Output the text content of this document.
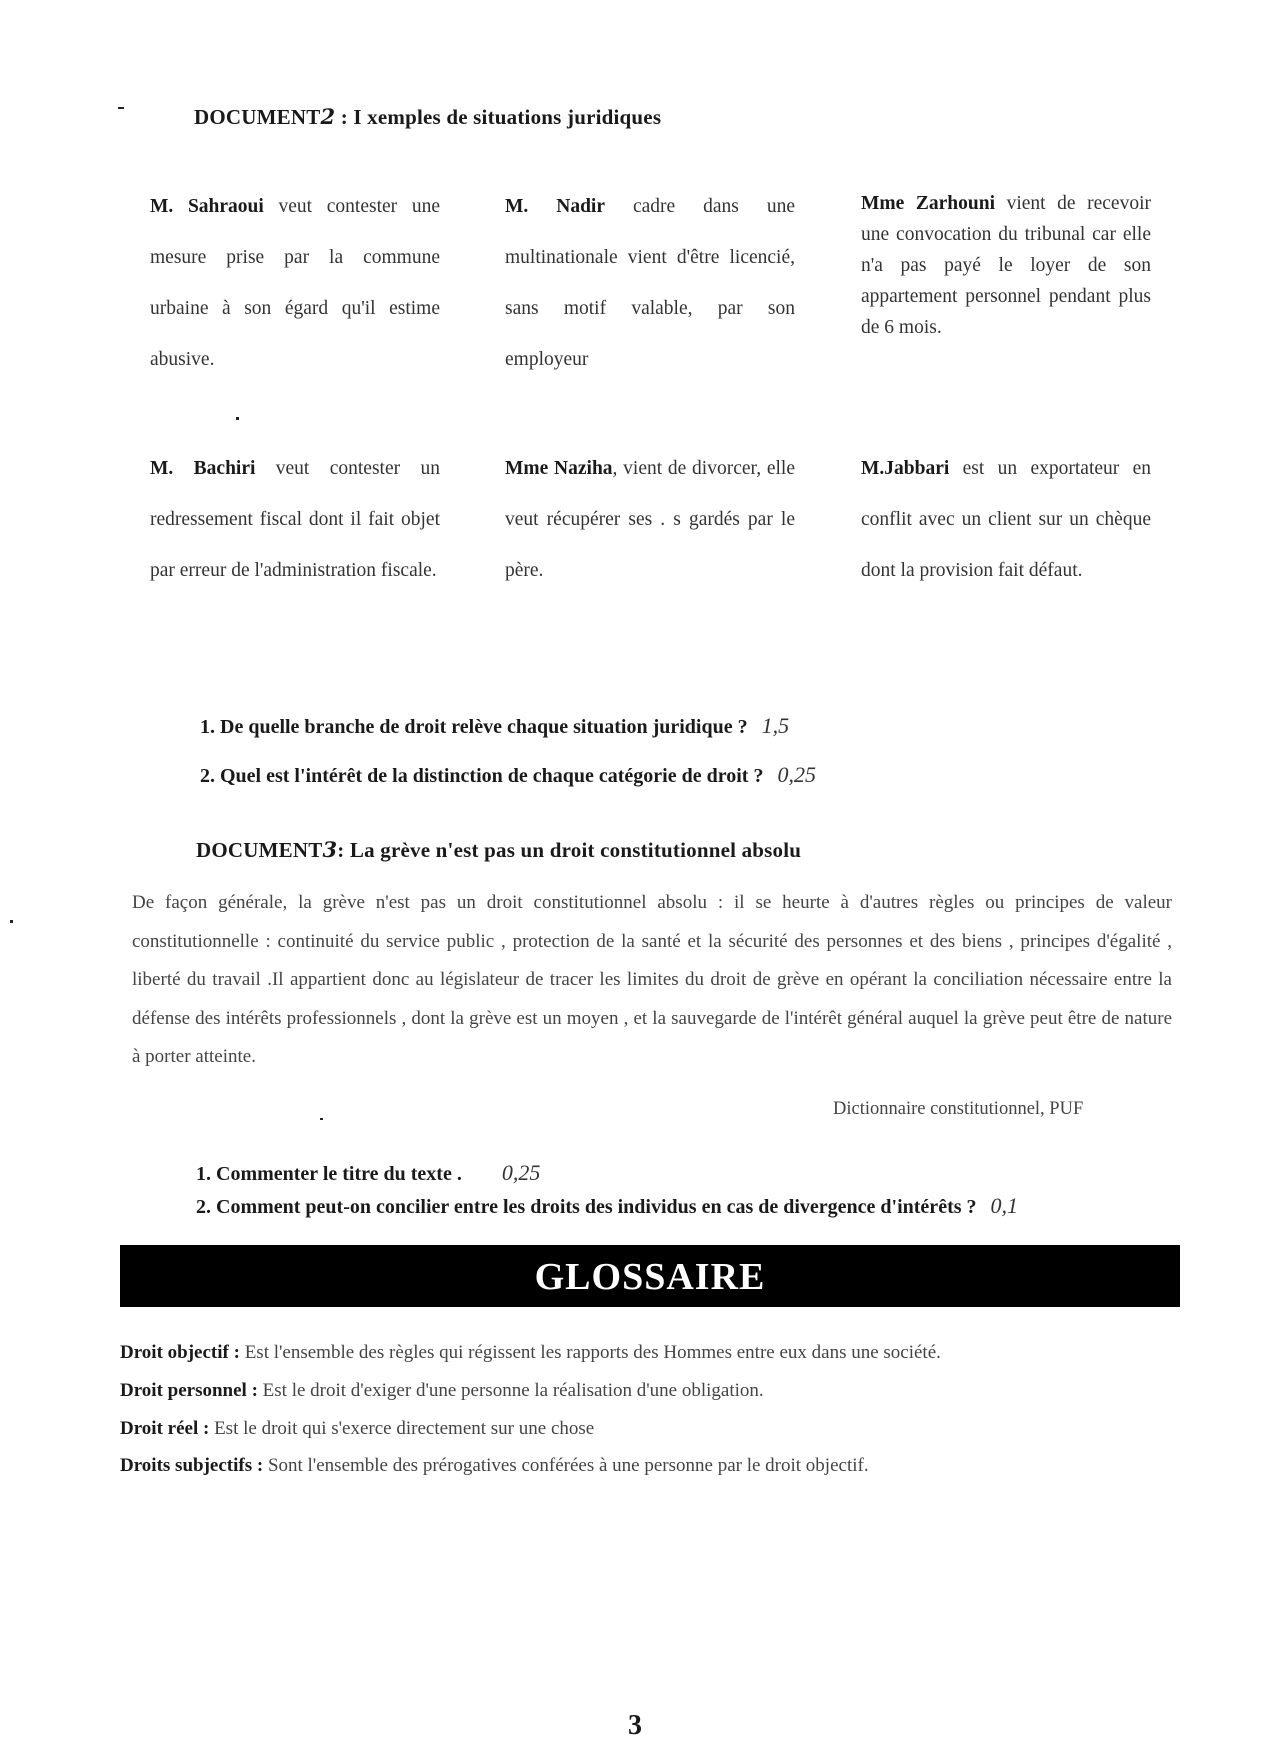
DOCUMENT2 : I xemples de situations juridiques
M. Sahraoui veut contester une mesure prise par la commune urbaine à son égard qu'il estime abusive.
M. Nadir cadre dans une multinationale vient d'être licencié, sans motif valable, par son employeur
Mme Zarhouni vient de recevoir une convocation du tribunal car elle n'a pas payé le loyer de son appartement personnel pendant plus de 6 mois.
M. Bachiri veut contester un redressement fiscal dont il fait objet par erreur de l'administration fiscale.
Mme Naziha, vient de divorcer, elle veut récupérer ses . s gardés par le père.
M.Jabbari est un exportateur en conflit avec un client sur un chèque dont la provision fait défaut.
1. De quelle branche de droit relève chaque situation juridique ? 1,5
2. Quel est l'intérêt de la distinction de chaque catégorie de droit ? 0,25
DOCUMENT3: La grève n'est pas un droit constitutionnel absolu
De façon générale, la grève n'est pas un droit constitutionnel absolu : il se heurte à d'autres règles ou principes de valeur constitutionnelle : continuité du service public , protection de la santé et la sécurité des personnes et des biens , principes d'égalité , liberté du travail .Il appartient donc au législateur de tracer les limites du droit de grève en opérant la conciliation nécessaire entre la défense des intérêts professionnels , dont la grève est un moyen , et la sauvegarde de l'intérêt général auquel la grève peut être de nature à porter atteinte.
Dictionnaire constitutionnel, PUF
1. Commenter le titre du texte . 0,25
2. Comment peut-on concilier entre les droits des individus en cas de divergence d'intérêts ? 0,1
GLOSSAIRE
Droit objectif : Est l'ensemble des règles qui régissent les rapports des Hommes entre eux dans une société.
Droit personnel : Est le droit d'exiger d'une personne la réalisation d'une obligation.
Droit réel : Est le droit qui s'exerce directement sur une chose
Droits subjectifs : Sont l'ensemble des prérogatives conférées à une personne par le droit objectif.
3
